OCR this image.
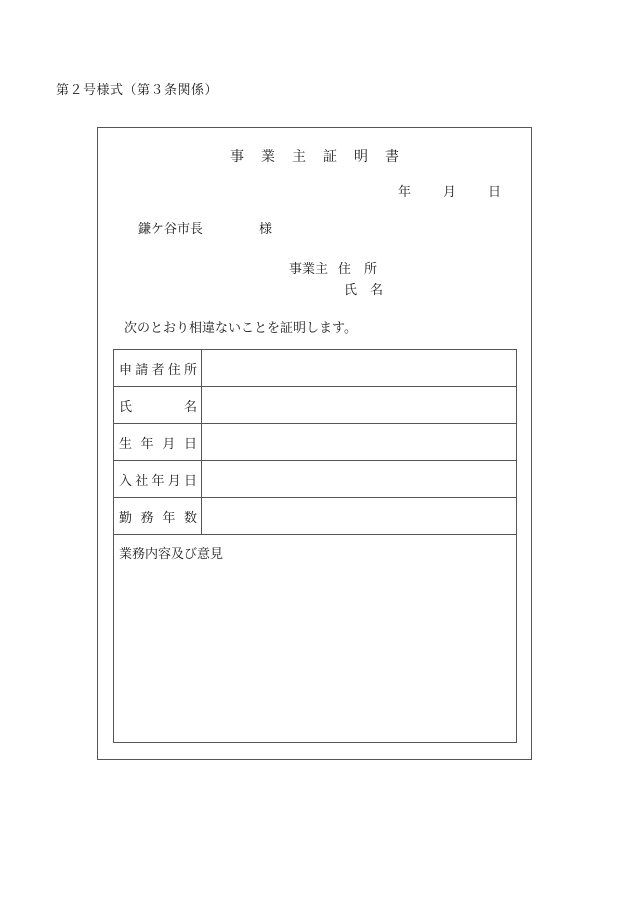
第２号様式（第３条関係）
事業主証明書
年 月 日
鎌ケ谷市長	様
事業主 住　所
氏　名
次のとおり相違ないことを証明します。
申請者住所	

氏　　　名	

生 年 月 日	

入社年月日	

勤 務 年 数	

業務内容及び意見	
